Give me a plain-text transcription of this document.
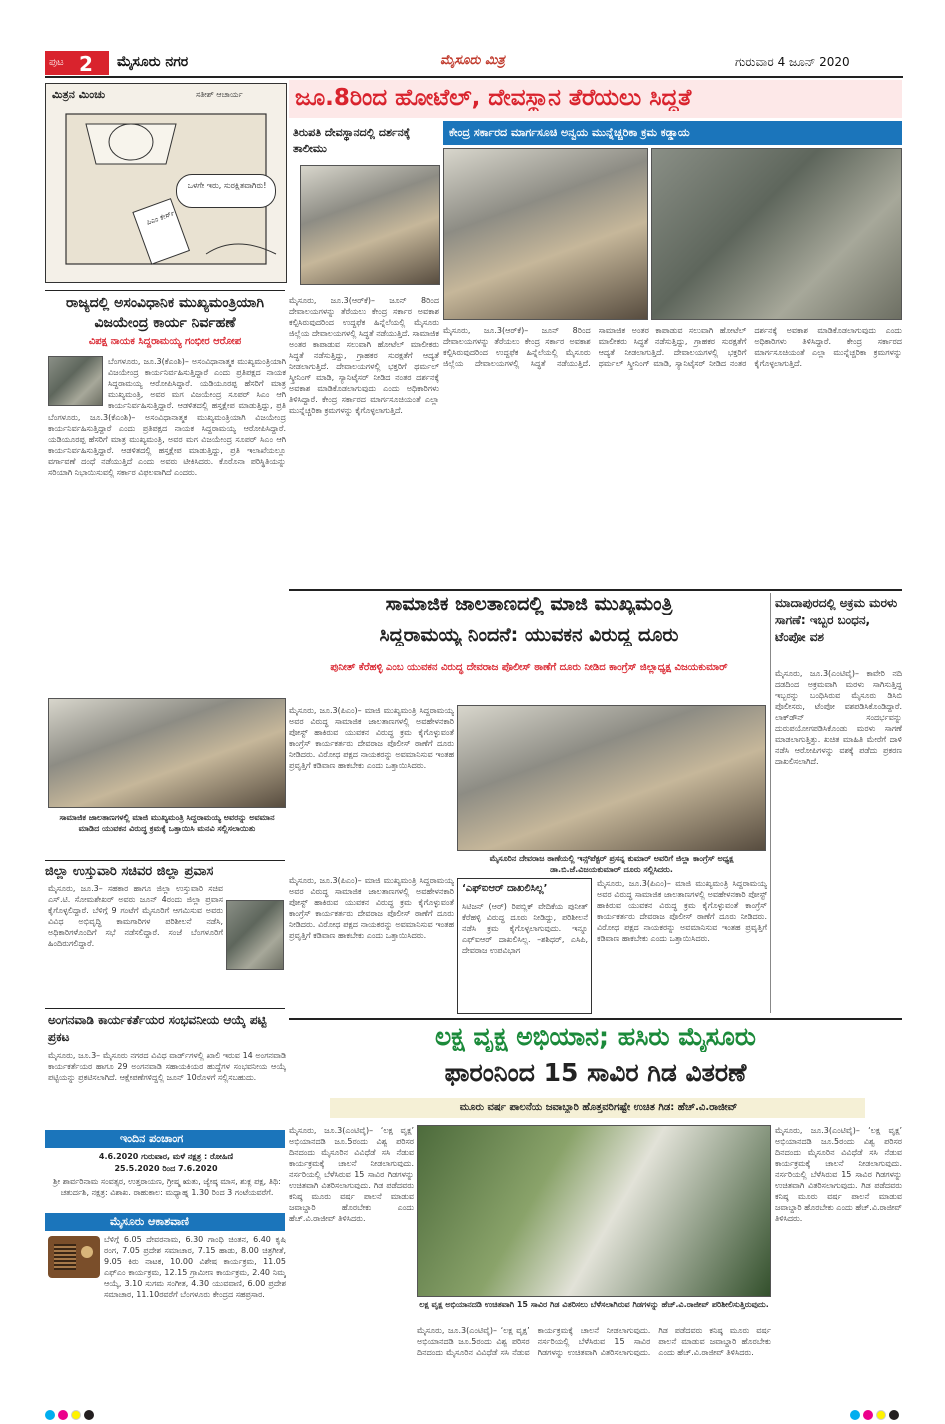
ಪುಟ 2 ಮೈಸೂರು ನಗರ	ಮೈಸೂರು ಮಿತ್ರ	ಗುರುವಾರ 4 ಜೂನ್ 2020
ಮಿತ್ರನ ಮಿಂಚು	ಸತೀಶ್ ಆಚಾರ್ಯ
ಒಳಗೇ ಇರು, ಸುರಕ್ಷಿತವಾಗಿರು!
ಪಿಎಂ ಕೇರ್ಸ್
ಜೂ.8ರಿಂದ ಹೋಟೆಲ್, ದೇವಸ್ಥಾನ ತೆರೆಯಲು ಸಿದ್ಧತೆ
ಕೇಂದ್ರ ಸರ್ಕಾರದ ಮಾರ್ಗಸೂಚಿ ಅನ್ವಯ ಮುನ್ನೆಚ್ಚರಿಕಾ ಕ್ರಮ ಕಡ್ಡಾಯ
ತಿರುಪತಿ ದೇವಸ್ಥಾನದಲ್ಲಿ ದರ್ಶನಕ್ಕೆ ತಾಲೀಮು
ಮೈಸೂರು, ಜೂ.3(ಆರ್‌ಕೆ)– ಜೂನ್ 8ರಿಂದ ದೇವಾಲಯಗಳನ್ನು ತೆರೆಯಲು ಕೇಂದ್ರ ಸರ್ಕಾರ ಅವಕಾಶ ಕಲ್ಪಿಸಿರುವುದರಿಂದ ಉದ್ದಫೆಕ ಹಿನ್ನೆಲೆಯಲ್ಲಿ ಮೈಸೂರು ಜಿಲ್ಲೆಯ ದೇವಾಲಯಗಳಲ್ಲಿ ಸಿದ್ಧತೆ ನಡೆಯುತ್ತಿದೆ. ಸಾಮಾಜಿಕ ಅಂತರ ಕಾಪಾಡುವ ಸಲುವಾಗಿ ಹೋಟೆಲ್ ಮಾಲೀಕರು ಸಿದ್ಧತೆ ನಡೆಸುತ್ತಿದ್ದು, ಗ್ರಾಹಕರ ಸುರಕ್ಷತೆಗೆ ಆದ್ಯತೆ ನೀಡಲಾಗುತ್ತಿದೆ. ದೇವಾಲಯಗಳಲ್ಲಿ ಭಕ್ತರಿಗೆ ಥರ್ಮಲ್ ಸ್ಕ್ರೀನಿಂಗ್ ಮಾಡಿ, ಸ್ಯಾನಿಟೈಸರ್ ನೀಡಿದ ನಂತರ ದರ್ಶನಕ್ಕೆ ಅವಕಾಶ ಮಾಡಿಕೊಡಲಾಗುವುದು ಎಂದು ಅಧಿಕಾರಿಗಳು ತಿಳಿಸಿದ್ದಾರೆ. ಕೇಂದ್ರ ಸರ್ಕಾರದ ಮಾರ್ಗಸೂಚಿಯಂತೆ ಎಲ್ಲಾ ಮುನ್ನೆಚ್ಚರಿಕಾ ಕ್ರಮಗಳನ್ನು ಕೈಗೊಳ್ಳಲಾಗುತ್ತಿದೆ.
ಮೈಸೂರು, ಜೂ.3(ಆರ್‌ಕೆ)– ಜೂನ್ 8ರಿಂದ ದೇವಾಲಯಗಳನ್ನು ತೆರೆಯಲು ಕೇಂದ್ರ ಸರ್ಕಾರ ಅವಕಾಶ ಕಲ್ಪಿಸಿರುವುದರಿಂದ ಉದ್ದಫೆಕ ಹಿನ್ನೆಲೆಯಲ್ಲಿ ಮೈಸೂರು ಜಿಲ್ಲೆಯ ದೇವಾಲಯಗಳಲ್ಲಿ ಸಿದ್ಧತೆ ನಡೆಯುತ್ತಿದೆ. ಸಾಮಾಜಿಕ ಅಂತರ ಕಾಪಾಡುವ ಸಲುವಾಗಿ ಹೋಟೆಲ್ ಮಾಲೀಕರು ಸಿದ್ಧತೆ ನಡೆಸುತ್ತಿದ್ದು, ಗ್ರಾಹಕರ ಸುರಕ್ಷತೆಗೆ ಆದ್ಯತೆ ನೀಡಲಾಗುತ್ತಿದೆ. ದೇವಾಲಯಗಳಲ್ಲಿ ಭಕ್ತರಿಗೆ ಥರ್ಮಲ್ ಸ್ಕ್ರೀನಿಂಗ್ ಮಾಡಿ, ಸ್ಯಾನಿಟೈಸರ್ ನೀಡಿದ ನಂತರ ದರ್ಶನಕ್ಕೆ ಅವಕಾಶ ಮಾಡಿಕೊಡಲಾಗುವುದು ಎಂದು ಅಧಿಕಾರಿಗಳು ತಿಳಿಸಿದ್ದಾರೆ. ಕೇಂದ್ರ ಸರ್ಕಾರದ ಮಾರ್ಗಸೂಚಿಯಂತೆ ಎಲ್ಲಾ ಮುನ್ನೆಚ್ಚರಿಕಾ ಕ್ರಮಗಳನ್ನು ಕೈಗೊಳ್ಳಲಾಗುತ್ತಿದೆ.
ರಾಜ್ಯದಲ್ಲಿ ಅಸಂವಿಧಾನಿಕ ಮುಖ್ಯಮಂತ್ರಿಯಾಗಿ ವಿಜಯೇಂದ್ರ ಕಾರ್ಯ ನಿರ್ವಹಣೆ
ವಿಪಕ್ಷ ನಾಯಕ ಸಿದ್ದರಾಮಯ್ಯ ಗಂಭೀರ ಆರೋಪ
ಬೆಂಗಳೂರು, ಜೂ.3(ಕೆಎಂಶಿ)– ಅಸಂವಿಧಾನಾತ್ಮಕ ಮುಖ್ಯಮಂತ್ರಿಯಾಗಿ ವಿಜಯೇಂದ್ರ ಕಾರ್ಯನಿರ್ವಹಿಸುತ್ತಿದ್ದಾರೆ ಎಂದು ಪ್ರತಿಪಕ್ಷದ ನಾಯಕ ಸಿದ್ದರಾಮಯ್ಯ ಆರೋಪಿಸಿದ್ದಾರೆ. ಯಡಿಯೂರಪ್ಪ ಹೆಸರಿಗೆ ಮಾತ್ರ ಮುಖ್ಯಮಂತ್ರಿ, ಅವರ ಮಗ ವಿಜಯೇಂದ್ರ ಸೂಪರ್ ಸಿಎಂ ಆಗಿ ಕಾರ್ಯನಿರ್ವಹಿಸುತ್ತಿದ್ದಾರೆ. ಆಡಳಿತದಲ್ಲಿ ಹಸ್ತಕ್ಷೇಪ ಮಾಡುತ್ತಿದ್ದು, ಪ್ರತಿ
ಬೆಂಗಳೂರು, ಜೂ.3(ಕೆಎಂಶಿ)– ಅಸಂವಿಧಾನಾತ್ಮಕ ಮುಖ್ಯಮಂತ್ರಿಯಾಗಿ ವಿಜಯೇಂದ್ರ ಕಾರ್ಯನಿರ್ವಹಿಸುತ್ತಿದ್ದಾರೆ ಎಂದು ಪ್ರತಿಪಕ್ಷದ ನಾಯಕ ಸಿದ್ದರಾಮಯ್ಯ ಆರೋಪಿಸಿದ್ದಾರೆ. ಯಡಿಯೂರಪ್ಪ ಹೆಸರಿಗೆ ಮಾತ್ರ ಮುಖ್ಯಮಂತ್ರಿ, ಅವರ ಮಗ ವಿಜಯೇಂದ್ರ ಸೂಪರ್ ಸಿಎಂ ಆಗಿ ಕಾರ್ಯನಿರ್ವಹಿಸುತ್ತಿದ್ದಾರೆ. ಆಡಳಿತದಲ್ಲಿ ಹಸ್ತಕ್ಷೇಪ ಮಾಡುತ್ತಿದ್ದು, ಪ್ರತಿ ಇಲಾಖೆಯಲ್ಲೂ ವರ್ಗಾವಣೆ ದಂಧೆ ನಡೆಯುತ್ತಿದೆ ಎಂದು ಅವರು ಟೀಕಿಸಿದರು. ಕೊರೊನಾ ಪರಿಸ್ಥಿತಿಯನ್ನು ಸರಿಯಾಗಿ ನಿಭಾಯಿಸುವಲ್ಲಿ ಸರ್ಕಾರ ವಿಫಲವಾಗಿದೆ ಎಂದರು.
ಸಾಮಾಜಿಕ ಜಾಲತಾಣಗಳಲ್ಲಿ ಮಾಜಿ ಮುಖ್ಯಮಂತ್ರಿ ಸಿದ್ದರಾಮಯ್ಯ ಅವರನ್ನು ಅವಮಾನ ಮಾಡಿದ ಯುವಕನ ವಿರುದ್ಧ ಕ್ರಮಕ್ಕೆ ಒತ್ತಾಯಿಸಿ ಮನವಿ ಸಲ್ಲಿಸಲಾಯಿತು
ಜಿಲ್ಲಾ ಉಸ್ತುವಾರಿ ಸಚಿವರ ಜಿಲ್ಲಾ ಪ್ರವಾಸ
ಮೈಸೂರು, ಜೂ.3– ಸಹಕಾರ ಹಾಗೂ ಜಿಲ್ಲಾ ಉಸ್ತುವಾರಿ ಸಚಿವ ಎಸ್.ಟಿ. ಸೋಮಶೇಖರ್ ಅವರು ಜೂನ್ 4ರಂದು ಜಿಲ್ಲಾ ಪ್ರವಾಸ ಕೈಗೊಳ್ಳಲಿದ್ದಾರೆ. ಬೆಳಿಗ್ಗೆ 9 ಗಂಟೆಗೆ ಮೈಸೂರಿಗೆ ಆಗಮಿಸುವ ಅವರು ವಿವಿಧ ಅಭಿವೃದ್ಧಿ ಕಾಮಗಾರಿಗಳ ಪರಿಶೀಲನೆ ನಡೆಸಿ, ಅಧಿಕಾರಿಗಳೊಂದಿಗೆ ಸಭೆ ನಡೆಸಲಿದ್ದಾರೆ. ಸಂಜೆ ಬೆಂಗಳೂರಿಗೆ ಹಿಂದಿರುಗಲಿದ್ದಾರೆ.
ಅಂಗನವಾಡಿ ಕಾರ್ಯಕರ್ತೆಯರ ಸಂಭವನೀಯ ಆಯ್ಕೆ ಪಟ್ಟಿ ಪ್ರಕಟ
ಮೈಸೂರು, ಜೂ.3– ಮೈಸೂರು ನಗರದ ವಿವಿಧ ವಾರ್ಡ್‌ಗಳಲ್ಲಿ ಖಾಲಿ ಇರುವ 14 ಅಂಗನವಾಡಿ ಕಾರ್ಯಕರ್ತೆಯರ ಹಾಗೂ 29 ಅಂಗನವಾಡಿ ಸಹಾಯಕಿಯರ ಹುದ್ದೆಗಳ ಸಂಭವನೀಯ ಆಯ್ಕೆ ಪಟ್ಟಿಯನ್ನು ಪ್ರಕಟಿಸಲಾಗಿದೆ. ಆಕ್ಷೇಪಣೆಗಳಿದ್ದಲ್ಲಿ ಜೂನ್ 10ರೊಳಗೆ ಸಲ್ಲಿಸಬಹುದು.
ಇಂದಿನ ಪಂಚಾಂಗ
4.6.2020 ಗುರುವಾರ, ಮಳೆ ನಕ್ಷತ್ರ : ರೋಹಿಣಿ
25.5.2020 ರಿಂದ 7.6.2020
ಶ್ರೀ ಶಾರ್ವರಿನಾಮ ಸಂವತ್ಸರ, ಉತ್ತರಾಯಣ, ಗ್ರೀಷ್ಮ ಋತು, ಜ್ಯೇಷ್ಠ ಮಾಸ, ಶುಕ್ಲ ಪಕ್ಷ, ತಿಥಿ: ಚತುರ್ದಶಿ, ನಕ್ಷತ್ರ: ವಿಶಾಖ. ರಾಹುಕಾಲ: ಮಧ್ಯಾಹ್ನ 1.30 ರಿಂದ 3 ಗಂಟೆಯವರೆಗೆ.
ಮೈಸೂರು ಆಕಾಶವಾಣಿ
ಬೆಳಿಗ್ಗೆ 6.05 ದೇವರನಾಮ, 6.30 ಗಾಂಧಿ ಚಿಂತನ, 6.40 ಕೃಷಿ ರಂಗ, 7.05 ಪ್ರದೇಶ ಸಮಾಚಾರ, 7.15 ಹಾಡು, 8.00 ಚಿತ್ರಗೀತೆ, 9.05 ಕಿರು ನಾಟಕ, 10.00 ವಿಶೇಷ ಕಾರ್ಯಕ್ರಮ, 11.05 ಎಫ್‌ಎಂ ಕಾರ್ಯಕ್ರಮ, 12.15 ಗ್ರಾಮೀಣ ಕಾರ್ಯಕ್ರಮ, 2.40 ನಿಮ್ಮ ಆಯ್ಕೆ, 3.10 ಸುಗಮ ಸಂಗೀತ, 4.30 ಯುವವಾಣಿ, 6.00 ಪ್ರದೇಶ ಸಮಾಚಾರ, 11.10ರವರೆಗೆ ಬೆಂಗಳೂರು ಕೇಂದ್ರದ ಸಹಪ್ರಸಾರ.
ಸಾಮಾಜಿಕ ಜಾಲತಾಣದಲ್ಲಿ ಮಾಜಿ ಮುಖ್ಯಮಂತ್ರಿ
ಸಿದ್ದರಾಮಯ್ಯ ನಿಂದನೆ: ಯುವಕನ ವಿರುದ್ಧ ದೂರು
ಪುನೀತ್ ಕೆರೆಹಳ್ಳಿ ಎಂಬ ಯುವಕನ ವಿರುದ್ಧ ದೇವರಾಜ ಪೊಲೀಸ್ ಠಾಣೆಗೆ ದೂರು ನೀಡಿದ ಕಾಂಗ್ರೆಸ್ ಜಿಲ್ಲಾಧ್ಯಕ್ಷ ವಿಜಯಕುಮಾರ್
ಮೈಸೂರು, ಜೂ.3(ಪಿಎಂ)– ಮಾಜಿ ಮುಖ್ಯಮಂತ್ರಿ ಸಿದ್ದರಾಮಯ್ಯ ಅವರ ವಿರುದ್ಧ ಸಾಮಾಜಿಕ ಜಾಲತಾಣಗಳಲ್ಲಿ ಅವಹೇಳನಕಾರಿ ಪೋಸ್ಟ್ ಹಾಕಿರುವ ಯುವಕನ ವಿರುದ್ಧ ಕ್ರಮ ಕೈಗೊಳ್ಳುವಂತೆ ಕಾಂಗ್ರೆಸ್ ಕಾರ್ಯಕರ್ತರು ದೇವರಾಜ ಪೊಲೀಸ್ ಠಾಣೆಗೆ ದೂರು ನೀಡಿದರು. ವಿರೋಧ ಪಕ್ಷದ ನಾಯಕರನ್ನು ಅವಮಾನಿಸುವ ಇಂತಹ ಪ್ರವೃತ್ತಿಗೆ ಕಡಿವಾಣ ಹಾಕಬೇಕು ಎಂದು ಒತ್ತಾಯಿಸಿದರು.
ಮೈಸೂರಿನ ದೇವರಾಜ ಠಾಣೆಯಲ್ಲಿ ಇನ್ಸ್‌ಪೆಕ್ಟರ್ ಪ್ರಸನ್ನ ಕುಮಾರ್ ಅವರಿಗೆ ಜಿಲ್ಲಾ ಕಾಂಗ್ರೆಸ್ ಅಧ್ಯಕ್ಷ ಡಾ.ಬಿ.ಜೆ.ವಿಜಯಕುಮಾರ್ ದೂರು ಸಲ್ಲಿಸಿದರು.
ಮೈಸೂರು, ಜೂ.3(ಪಿಎಂ)– ಮಾಜಿ ಮುಖ್ಯಮಂತ್ರಿ ಸಿದ್ದರಾಮಯ್ಯ ಅವರ ವಿರುದ್ಧ ಸಾಮಾಜಿಕ ಜಾಲತಾಣಗಳಲ್ಲಿ ಅವಹೇಳನಕಾರಿ ಪೋಸ್ಟ್ ಹಾಕಿರುವ ಯುವಕನ ವಿರುದ್ಧ ಕ್ರಮ ಕೈಗೊಳ್ಳುವಂತೆ ಕಾಂಗ್ರೆಸ್ ಕಾರ್ಯಕರ್ತರು ದೇವರಾಜ ಪೊಲೀಸ್ ಠಾಣೆಗೆ ದೂರು ನೀಡಿದರು. ವಿರೋಧ ಪಕ್ಷದ ನಾಯಕರನ್ನು ಅವಮಾನಿಸುವ ಇಂತಹ ಪ್ರವೃತ್ತಿಗೆ ಕಡಿವಾಣ ಹಾಕಬೇಕು ಎಂದು ಒತ್ತಾಯಿಸಿದರು.
‘ಎಫ್‌ಐಆರ್ ದಾಖಲಿಸಿಲ್ಲ’
ಸಿಟಿಜನ್ (ಆರ್) ರಿಪಬ್ಲಿಕ್ ವೇದಿಕೆಯ ಪುನೀತ್ ಕೆರೆಹಳ್ಳಿ ವಿರುದ್ಧ ದೂರು ನೀಡಿದ್ದು, ಪರಿಶೀಲನೆ ನಡೆಸಿ ಕ್ರಮ ಕೈಗೊಳ್ಳಲಾಗುವುದು. ಇನ್ನೂ ಎಫ್‌ಐಆರ್ ದಾಖಲಿಸಿಲ್ಲ. –ಶಶಿಧರ್, ಎಸಿಪಿ, ದೇವರಾಜ ಉಪವಿಭಾಗ
ಮೈಸೂರು, ಜೂ.3(ಪಿಎಂ)– ಮಾಜಿ ಮುಖ್ಯಮಂತ್ರಿ ಸಿದ್ದರಾಮಯ್ಯ ಅವರ ವಿರುದ್ಧ ಸಾಮಾಜಿಕ ಜಾಲತಾಣಗಳಲ್ಲಿ ಅವಹೇಳನಕಾರಿ ಪೋಸ್ಟ್ ಹಾಕಿರುವ ಯುವಕನ ವಿರುದ್ಧ ಕ್ರಮ ಕೈಗೊಳ್ಳುವಂತೆ ಕಾಂಗ್ರೆಸ್ ಕಾರ್ಯಕರ್ತರು ದೇವರಾಜ ಪೊಲೀಸ್ ಠಾಣೆಗೆ ದೂರು ನೀಡಿದರು. ವಿರೋಧ ಪಕ್ಷದ ನಾಯಕರನ್ನು ಅವಮಾನಿಸುವ ಇಂತಹ ಪ್ರವೃತ್ತಿಗೆ ಕಡಿವಾಣ ಹಾಕಬೇಕು ಎಂದು ಒತ್ತಾಯಿಸಿದರು.
ಮಾದಾಪುರದಲ್ಲಿ ಅಕ್ರಮ ಮರಳು ಸಾಗಣೆ: ಇಬ್ಬರ ಬಂಧನ, ಟೆಂಪೋ ವಶ
ಮೈಸೂರು, ಜೂ.3(ಎಂಟಿವೈ)– ಕಾವೇರಿ ನದಿ ದಡದಿಂದ ಅಕ್ರಮವಾಗಿ ಮರಳು ಸಾಗಿಸುತ್ತಿದ್ದ ಇಬ್ಬರನ್ನು ಬಂಧಿಸಿರುವ ಮೈಸೂರು ಡಿಸಿಬಿ ಪೊಲೀಸರು, ಟೆಂಪೋ ವಶಪಡಿಸಿಕೊಂಡಿದ್ದಾರೆ. ಲಾಕ್‌ಡೌನ್ ಸಂದರ್ಭವನ್ನು ದುರುಪಯೋಗಪಡಿಸಿಕೊಂಡು ಮರಳು ಸಾಗಣೆ ಮಾಡಲಾಗುತ್ತಿತ್ತು. ಖಚಿತ ಮಾಹಿತಿ ಮೇರೆಗೆ ದಾಳಿ ನಡೆಸಿ ಆರೋಪಿಗಳನ್ನು ವಶಕ್ಕೆ ಪಡೆದು ಪ್ರಕರಣ ದಾಖಲಿಸಲಾಗಿದೆ.
ಲಕ್ಷ ವೃಕ್ಷ ಅಭಿಯಾನ; ಹಸಿರು ಮೈಸೂರು
ಫಾರಂನಿಂದ 15 ಸಾವಿರ ಗಿಡ ವಿತರಣೆ
ಮೂರು ವರ್ಷ ಪಾಲನೆಯ ಜವಾಬ್ದಾರಿ ಹೊತ್ತವರಿಗಷ್ಟೇ ಉಚಿತ ಗಿಡ: ಹೆಚ್.ವಿ.ರಾಜೀವ್
ಮೈಸೂರು, ಜೂ.3(ಎಂಟಿವೈ)– ‘ಲಕ್ಷ ವೃಕ್ಷ’ ಅಭಿಯಾನದಡಿ ಜೂ.5ರಂದು ವಿಶ್ವ ಪರಿಸರ ದಿನದಂದು ಮೈಸೂರಿನ ವಿವಿಧೆಡೆ ಸಸಿ ನೆಡುವ ಕಾರ್ಯಕ್ರಮಕ್ಕೆ ಚಾಲನೆ ನೀಡಲಾಗುವುದು. ನರ್ಸರಿಯಲ್ಲಿ ಬೆಳೆಸಿರುವ 15 ಸಾವಿರ ಗಿಡಗಳನ್ನು ಉಚಿತವಾಗಿ ವಿತರಿಸಲಾಗುವುದು. ಗಿಡ ಪಡೆದವರು ಕನಿಷ್ಠ ಮೂರು ವರ್ಷ ಪಾಲನೆ ಮಾಡುವ ಜವಾಬ್ದಾರಿ ಹೊರಬೇಕು ಎಂದು ಹೆಚ್.ವಿ.ರಾಜೀವ್ ತಿಳಿಸಿದರು.
ಲಕ್ಷ ವೃಕ್ಷ ಅಭಿಯಾನದಡಿ ಉಚಿತವಾಗಿ 15 ಸಾವಿರ ಗಿಡ ವಿತರಿಸಲು ಬೆಳೆಸಲಾಗಿರುವ ಗಿಡಗಳನ್ನು ಹೆಚ್.ವಿ.ರಾಜೀವ್ ಪರಿಶೀಲಿಸುತ್ತಿರುವುದು.
ಮೈಸೂರು, ಜೂ.3(ಎಂಟಿವೈ)– ‘ಲಕ್ಷ ವೃಕ್ಷ’ ಅಭಿಯಾನದಡಿ ಜೂ.5ರಂದು ವಿಶ್ವ ಪರಿಸರ ದಿನದಂದು ಮೈಸೂರಿನ ವಿವಿಧೆಡೆ ಸಸಿ ನೆಡುವ ಕಾರ್ಯಕ್ರಮಕ್ಕೆ ಚಾಲನೆ ನೀಡಲಾಗುವುದು. ನರ್ಸರಿಯಲ್ಲಿ ಬೆಳೆಸಿರುವ 15 ಸಾವಿರ ಗಿಡಗಳನ್ನು ಉಚಿತವಾಗಿ ವಿತರಿಸಲಾಗುವುದು. ಗಿಡ ಪಡೆದವರು ಕನಿಷ್ಠ ಮೂರು ವರ್ಷ ಪಾಲನೆ ಮಾಡುವ ಜವಾಬ್ದಾರಿ ಹೊರಬೇಕು ಎಂದು ಹೆಚ್.ವಿ.ರಾಜೀವ್ ತಿಳಿಸಿದರು.
ಮೈಸೂರು, ಜೂ.3(ಎಂಟಿವೈ)– ‘ಲಕ್ಷ ವೃಕ್ಷ’ ಅಭಿಯಾನದಡಿ ಜೂ.5ರಂದು ವಿಶ್ವ ಪರಿಸರ ದಿನದಂದು ಮೈಸೂರಿನ ವಿವಿಧೆಡೆ ಸಸಿ ನೆಡುವ ಕಾರ್ಯಕ್ರಮಕ್ಕೆ ಚಾಲನೆ ನೀಡಲಾಗುವುದು. ನರ್ಸರಿಯಲ್ಲಿ ಬೆಳೆಸಿರುವ 15 ಸಾವಿರ ಗಿಡಗಳನ್ನು ಉಚಿತವಾಗಿ ವಿತರಿಸಲಾಗುವುದು. ಗಿಡ ಪಡೆದವರು ಕನಿಷ್ಠ ಮೂರು ವರ್ಷ ಪಾಲನೆ ಮಾಡುವ ಜವಾಬ್ದಾರಿ ಹೊರಬೇಕು ಎಂದು ಹೆಚ್.ವಿ.ರಾಜೀವ್ ತಿಳಿಸಿದರು.
